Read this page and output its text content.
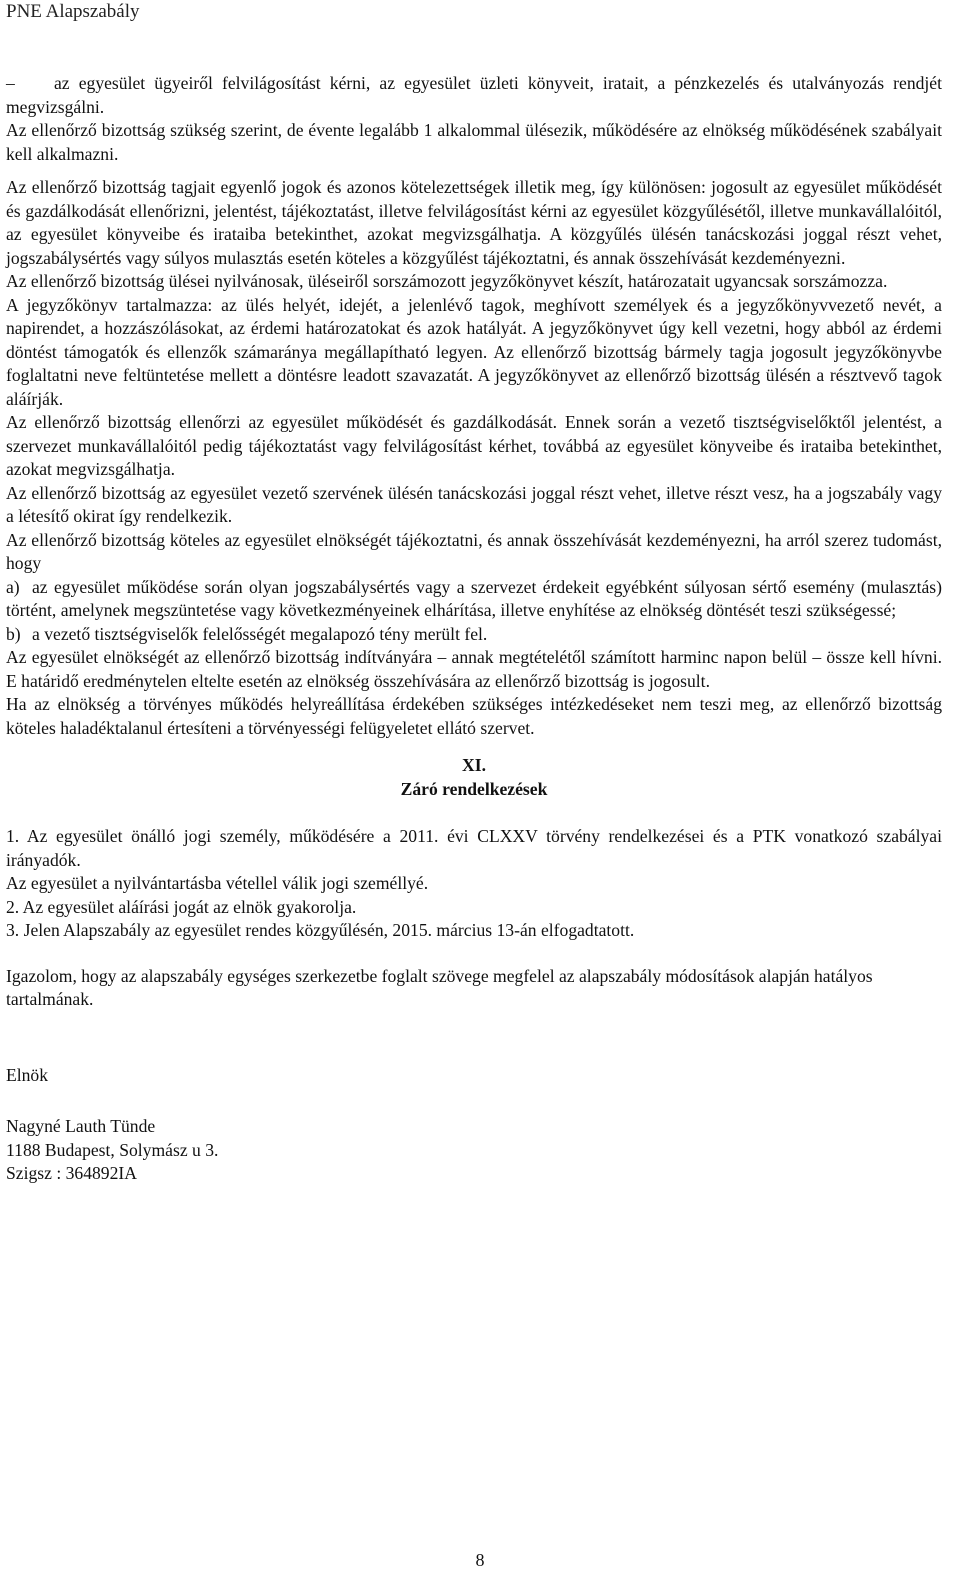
PNE Alapszabály

– az egyesület ügyeiről felvilágosítást kérni, az egyesület üzleti könyveit, iratait, a pénzkezelés és utalványozás rendjét megvizsgálni.

Az ellenőrző bizottság szükség szerint, de évente legalább 1 alkalommal ülésezik, működésére az elnökség működésének szabályait kell alkalmazni.

Az ellenőrző bizottság tagjait egyenlő jogok és azonos kötelezettségek illetik meg, így különösen: jogosult az egyesület működését és gazdálkodását ellenőrizni, jelentést, tájékoztatást, illetve felvilágosítást kérni az egyesület közgyűlésétől, illetve munkavállalóitól, az egyesület könyveibe és irataiba betekinthet, azokat megvizsgálhatja. A közgyűlés ülésén tanácskozási joggal részt vehet, jogszabálysértés vagy súlyos mulasztás esetén köteles a közgyűlést tájékoztatni, és annak összehívását kezdeményezni.

Az ellenőrző bizottság ülései nyilvánosak, üléseiről sorszámozott jegyzőkönyvet készít, határozatait ugyancsak sorszámozza.

A jegyzőkönyv tartalmazza: az ülés helyét, idejét, a jelenlévő tagok, meghívott személyek és a jegyzőkönyvvezető nevét, a napirendet, a hozzászólásokat, az érdemi határozatokat és azok hatályát. A jegyzőkönyvet úgy kell vezetni, hogy abból az érdemi döntést támogatók és ellenzők számaránya megállapítható legyen. Az ellenőrző bizottság bármely tagja jogosult jegyzőkönyvbe foglaltatni neve feltüntetése mellett a döntésre leadott szavazatát. A jegyzőkönyvet az ellenőrző bizottság ülésén a résztvevő tagok aláírják.

Az ellenőrző bizottság ellenőrzi az egyesület működését és gazdálkodását. Ennek során a vezető tisztségviselőktől jelentést, a szervezet munkavállalóitól pedig tájékoztatást vagy felvilágosítást kérhet, továbbá az egyesület könyveibe és irataiba betekinthet, azokat megvizsgálhatja.

Az ellenőrző bizottság az egyesület vezető szervének ülésén tanácskozási joggal részt vehet, illetve részt vesz, ha a jogszabály vagy a létesítő okirat így rendelkezik.

Az ellenőrző bizottság köteles az egyesület elnökségét tájékoztatni, és annak összehívását kezdeményezni, ha arról szerez tudomást, hogy

a) az egyesület működése során olyan jogszabálysértés vagy a szervezet érdekeit egyébként súlyosan sértő esemény (mulasztás) történt, amelynek megszüntetése vagy következményeinek elhárítása, illetve enyhítése az elnökség döntését teszi szükségessé;

b) a vezető tisztségviselők felelősségét megalapozó tény merült fel.

Az egyesület elnökségét az ellenőrző bizottság indítványára – annak megtételétől számított harminc napon belül – össze kell hívni. E határidő eredménytelen eltelte esetén az elnökség összehívására az ellenőrző bizottság is jogosult.

Ha az elnökség a törvényes működés helyreállítása érdekében szükséges intézkedéseket nem teszi meg, az ellenőrző bizottság köteles haladéktalanul értesíteni a törvényességi felügyeletet ellátó szervet.

XI.

Záró rendelkezések

1. Az egyesület önálló jogi személy, működésére a 2011. évi CLXXV törvény rendelkezései és a PTK vonatkozó szabályai irányadók.

Az egyesület a nyilvántartásba vétellel válik jogi személlyé.

2. Az egyesület aláírási jogát az elnök gyakorolja.

3. Jelen Alapszabály az egyesület rendes közgyűlésén, 2015. március 13-án elfogadtatott.

Igazolom, hogy az alapszabály egységes szerkezetbe foglalt szövege megfelel az alapszabály módosítások alapján hatályos tartalmának.

Elnök

Nagyné Lauth Tünde

1188 Budapest, Solymász u 3.

Szigsz : 364892IA

8
